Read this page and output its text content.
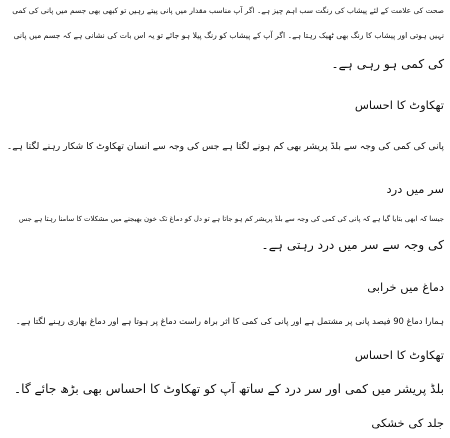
صحت کی علامت کے لئے پیشاب کی رنگت سب اہم چیز ہے۔ اگر آپ مناسب مقدار میں پانی پیتے رہیں تو کبھی بھی جسم میں پانی کی کمی
نہیں ہوتی اور پیشاب کا رنگ بھی ٹھیک رہتا ہے۔ اگر آپ کے پیشاب کو رنگ پیلا ہو جائے تو یہ اس بات کی نشانی ہے کہ جسم میں پانی
کی کمی ہو رہی ہے۔
تھکاوٹ کا احساس
پانی کی کمی کی وجہ سے بلڈ پریشر بھی کم ہونے لگتا ہے جس کی وجہ سے انسان تھکاوٹ کا شکار رہنے لگتا ہے۔
سر میں درد
جیسا کہ ابھی بتایا گیا ہے کہ پانی کی کمی کی وجہ سے بلڈ پریشر کم ہو جاتا ہے تو دل کو دماغ تک خون بھیجنے میں مشکلات کا سامنا رہتا ہے جس
کی وجہ سے سر میں درد رہتی ہے۔
دماغ میں خرابی
ہمارا دماغ 90 فیصد پانی پر مشتمل ہے اور پانی کی کمی کا اثر براہ راست دماغ پر ہوتا ہے اور دماغ بھاری رہنے لگتا ہے۔
تھکاوٹ کا احساس
بلڈ پریشر میں کمی اور سر درد کے ساتھ آپ کو تھکاوٹ کا احساس بھی بڑھ جائے گا۔
جلد کی خشکی
